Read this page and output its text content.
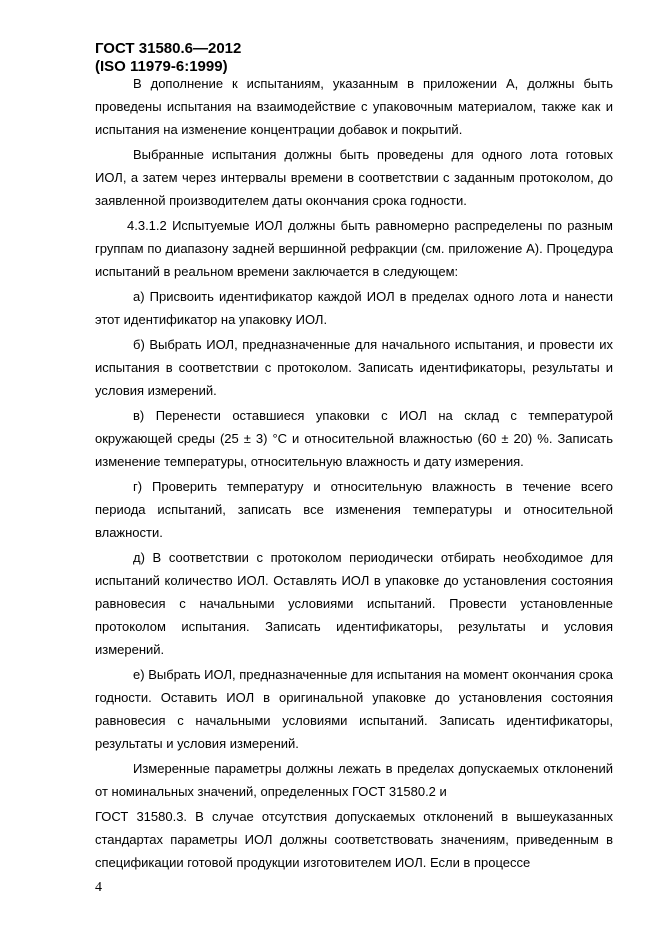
ГОСТ 31580.6—2012
(ISO 11979-6:1999)

В дополнение к испытаниям, указанным в приложении А, должны быть проведены испытания на взаимодействие с упаковочным материалом, также как и испытания на изменение концентрации добавок и покрытий.

Выбранные испытания должны быть проведены для одного лота готовых ИОЛ, а затем через интервалы времени в соответствии с заданным протоколом, до заявленной производителем даты окончания срока годности.

4.3.1.2 Испытуемые ИОЛ должны быть равномерно распределены по разным группам по диапазону задней вершинной рефракции (см. приложение А). Процедура испытаний в реальном времени заключается в следующем:

а) Присвоить идентификатор каждой ИОЛ в пределах одного лота и нанести этот идентификатор на упаковку ИОЛ.

б) Выбрать ИОЛ, предназначенные для начального испытания, и провести их испытания в соответствии с протоколом. Записать идентификаторы, результаты и условия измерений.

в) Перенести оставшиеся упаковки с ИОЛ на склад с температурой окружающей среды (25 ± 3) °С и относительной влажностью (60 ± 20) %. Записать изменение температуры, относительную влажность и дату измерения.

г) Проверить температуру и относительную влажность в течение всего периода испытаний, записать все изменения температуры и относительной влажности.

д) В соответствии с протоколом периодически отбирать необходимое для испытаний количество ИОЛ. Оставлять ИОЛ в упаковке до установления состояния равновесия с начальными условиями испытаний. Провести установленные протоколом испытания. Записать идентификаторы, результаты и условия измерений.

е) Выбрать ИОЛ, предназначенные для испытания на момент окончания срока годности. Оставить ИОЛ в оригинальной упаковке до установления состояния равновесия с начальными условиями испытаний. Записать идентификаторы, результаты и условия измерений.

Измеренные параметры должны лежать в пределах допускаемых отклонений от номинальных значений, определенных ГОСТ 31580.2 и

ГОСТ 31580.3. В случае отсутствия допускаемых отклонений в вышеуказанных стандартах параметры ИОЛ должны соответствовать значениям, приведенным в спецификации готовой продукции изготовителем ИОЛ. Если в процессе

4
